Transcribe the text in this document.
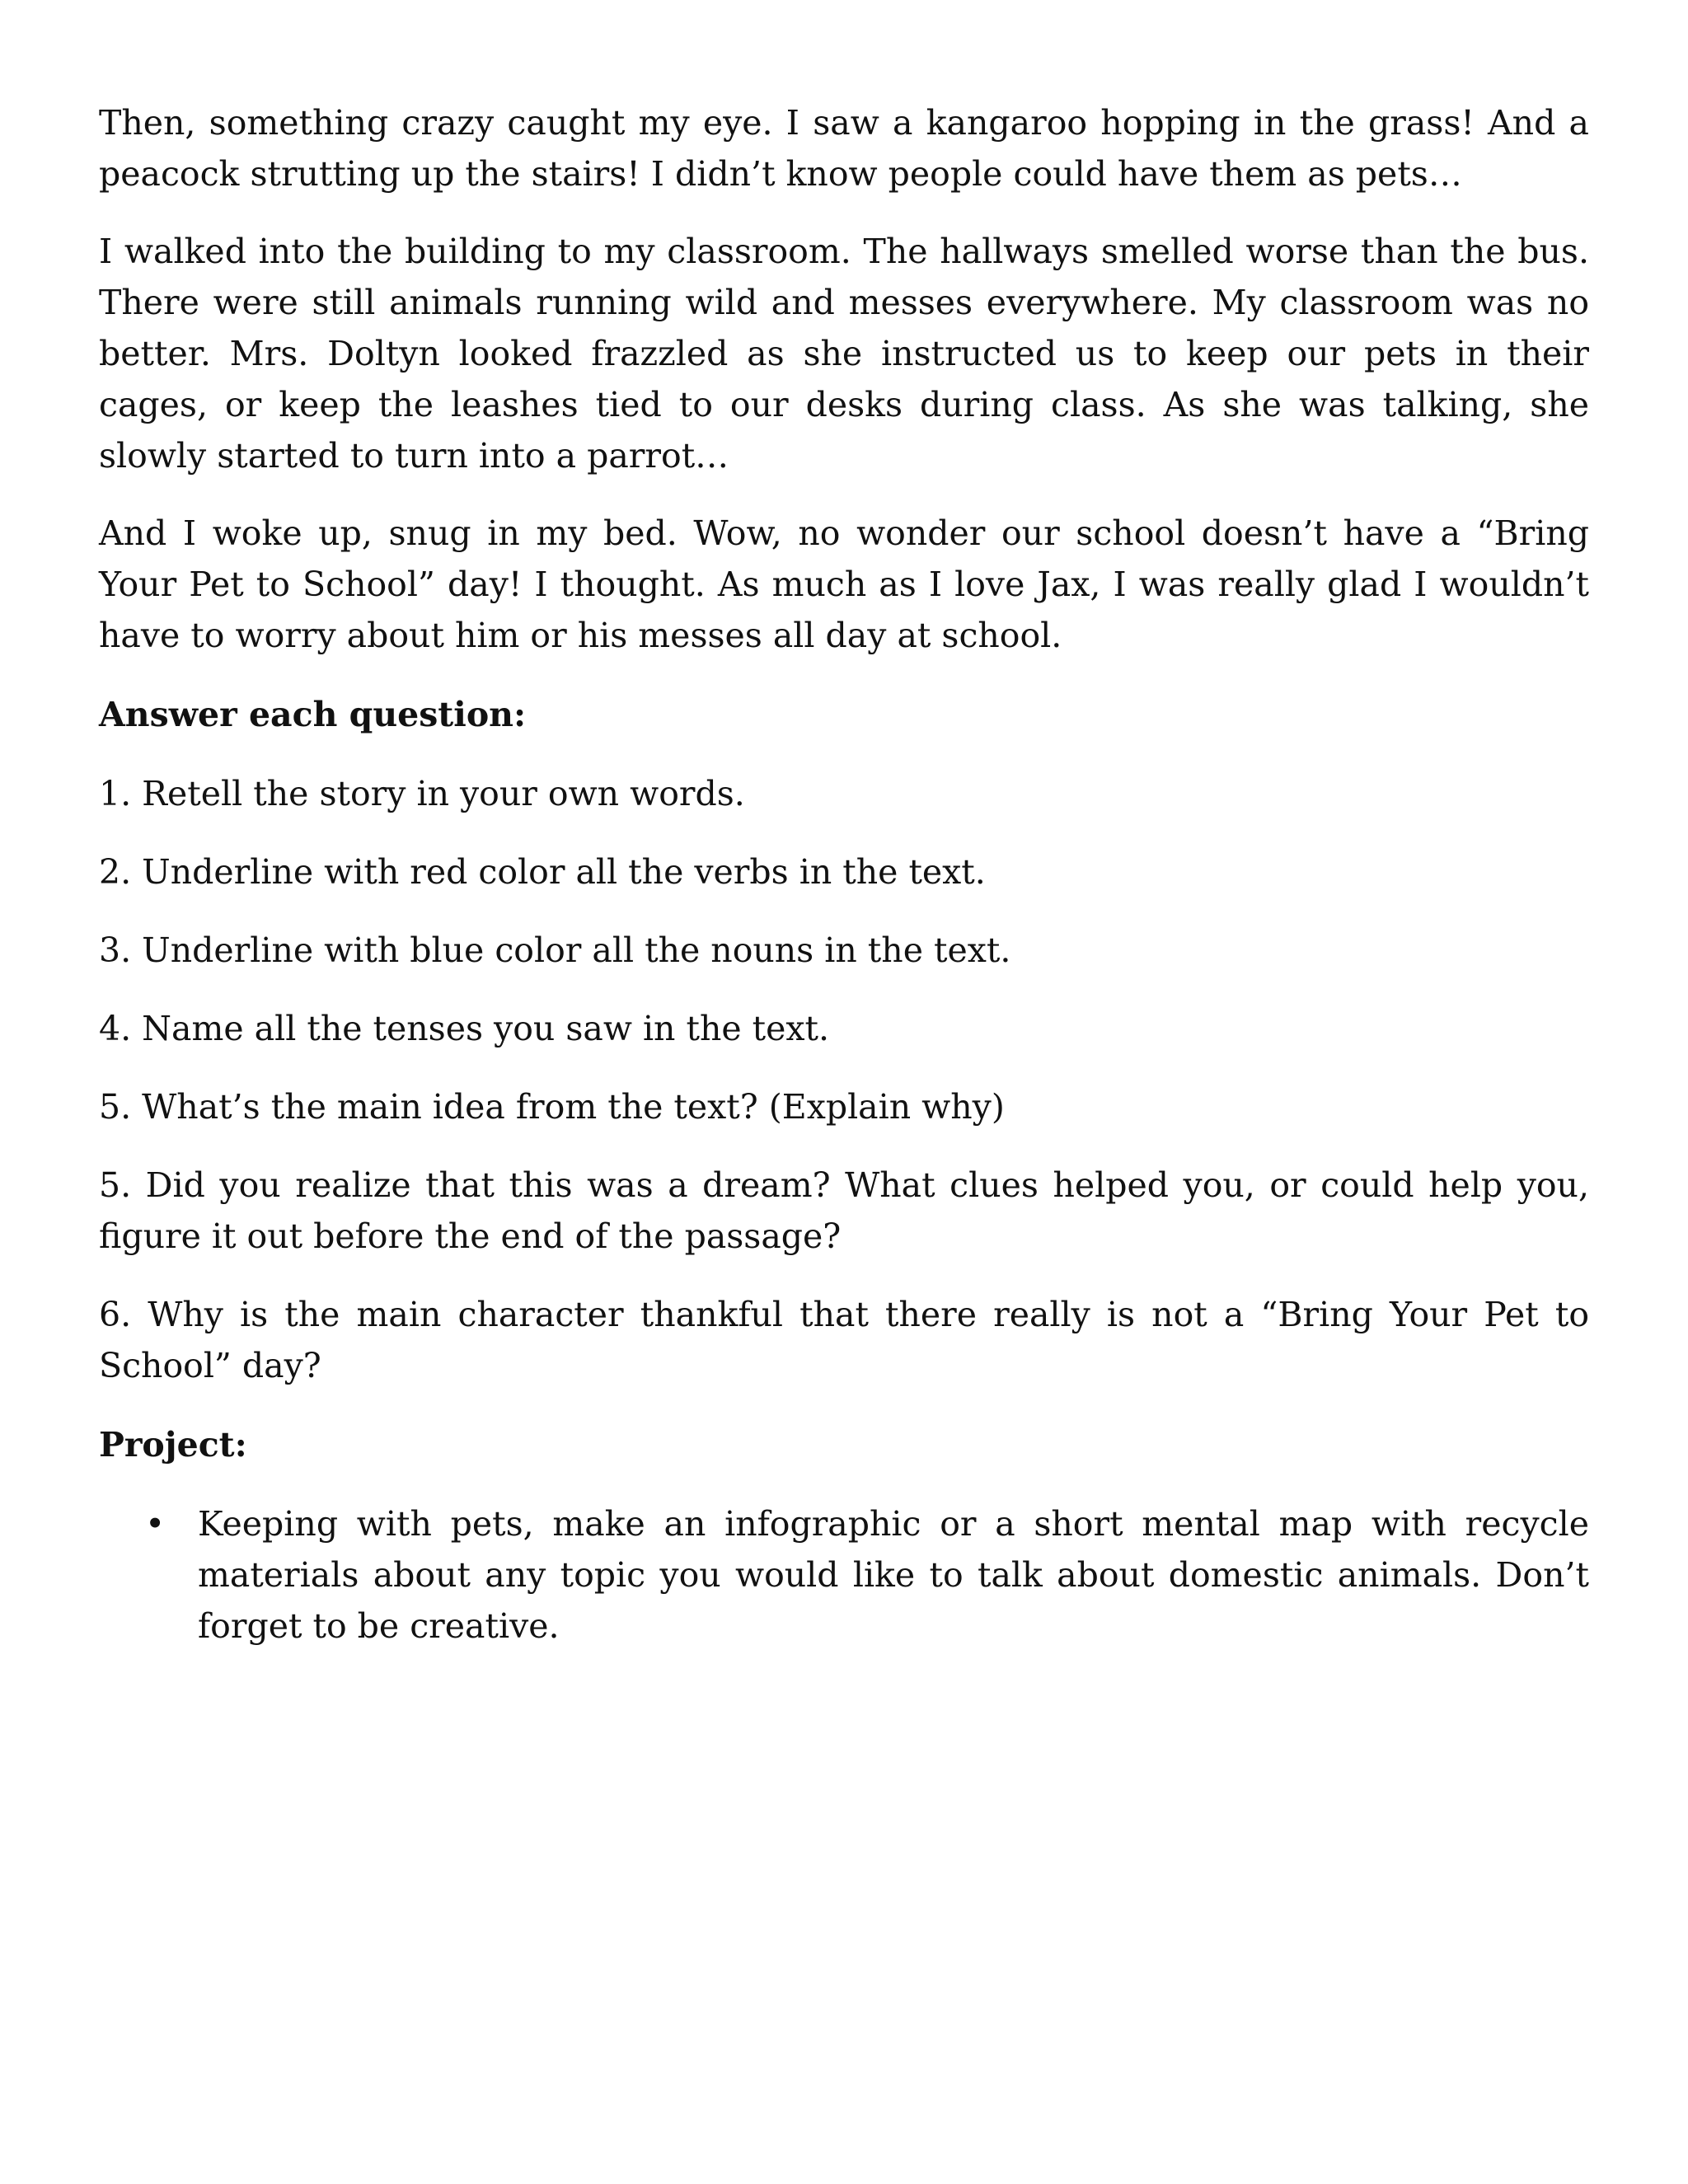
Then, something crazy caught my eye. I saw a kangaroo hopping in the grass! And a peacock strutting up the stairs! I didn’t know people could have them as pets…

I walked into the building to my classroom. The hallways smelled worse than the bus. There were still animals running wild and messes everywhere. My classroom was no better. Mrs. Doltyn looked frazzled as she instructed us to keep our pets in their cages, or keep the leashes tied to our desks during class. As she was talking, she slowly started to turn into a parrot…

And I woke up, snug in my bed. Wow, no wonder our school doesn’t have a “Bring Your Pet to School” day! I thought. As much as I love Jax, I was really glad I wouldn’t have to worry about him or his messes all day at school.

Answer each question:

1. Retell the story in your own words.

2. Underline with red color all the verbs in the text.

3. Underline with blue color all the nouns in the text.

4. Name all the tenses you saw in the text.

5. What’s the main idea from the text? (Explain why)

5. Did you realize that this was a dream? What clues helped you, or could help you, figure it out before the end of the passage?

6. Why is the main character thankful that there really is not a “Bring Your Pet to School” day?

Project:

• Keeping with pets, make an infographic or a short mental map with recycle materials about any topic you would like to talk about domestic animals. Don’t forget to be creative.
